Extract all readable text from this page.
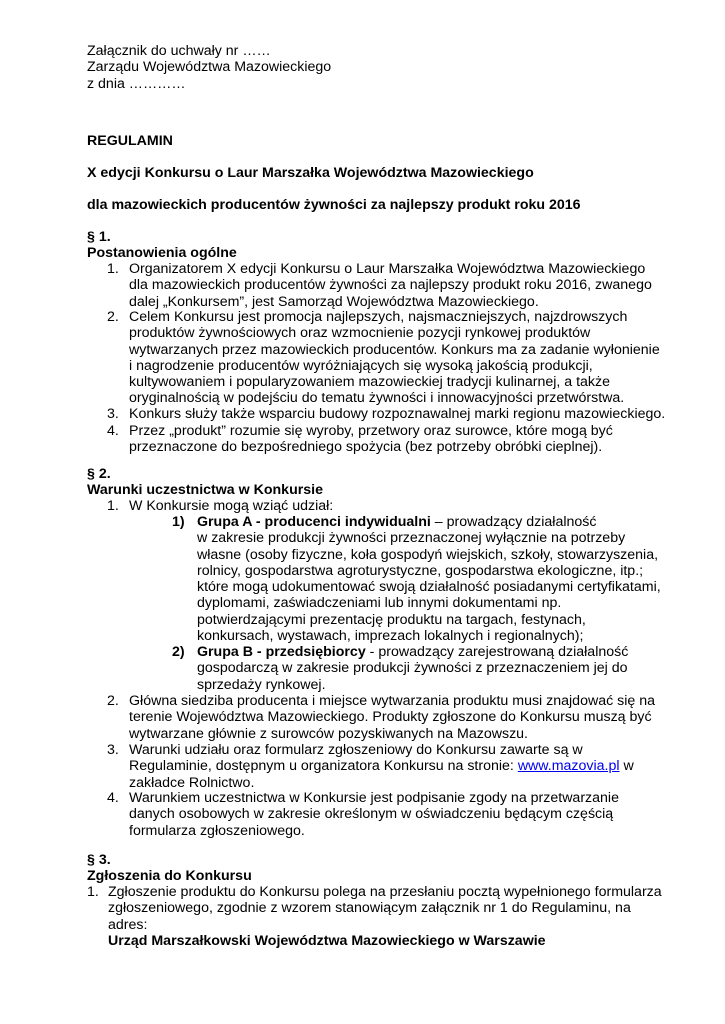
Załącznik do uchwały nr ……
Zarządu Województwa Mazowieckiego
z dnia …………
REGULAMIN
X edycji Konkursu o Laur Marszałka Województwa Mazowieckiego
dla mazowieckich producentów żywności za najlepszy produkt roku 2016
§ 1.
Postanowienia ogólne
1. Organizatorem X edycji Konkursu o Laur Marszałka Województwa Mazowieckiego
dla mazowieckich producentów żywności za najlepszy produkt roku 2016, zwanego
dalej „Konkursem”, jest Samorząd Województwa Mazowieckiego.
2. Celem Konkursu jest promocja najlepszych, najsmaczniejszych, najzdrowszych
produktów żywnościowych oraz wzmocnienie pozycji rynkowej produktów
wytwarzanych przez mazowieckich producentów. Konkurs ma za zadanie wyłonienie
i nagrodzenie producentów wyróżniających się wysoką jakością produkcji,
kultywowaniem i popularyzowaniem mazowieckiej tradycji kulinarnej, a także
oryginalnością w podejściu do tematu żywności i innowacyjności przetwórstwa.
3. Konkurs służy także wsparciu budowy rozpoznawalnej marki regionu mazowieckiego.
4. Przez „produkt” rozumie się wyroby, przetwory oraz surowce, które mogą być
przeznaczone do bezpośredniego spożycia (bez potrzeby obróbki cieplnej).
§ 2.
Warunki uczestnictwa w Konkursie
1. W Konkursie mogą wziąć udział:
1) Grupa A - producenci indywidualni – prowadzący działalność
w zakresie produkcji żywności przeznaczonej wyłącznie na potrzeby
własne (osoby fizyczne, koła gospodyń wiejskich, szkoły, stowarzyszenia,
rolnicy, gospodarstwa agroturystyczne, gospodarstwa ekologiczne, itp.;
które mogą udokumentować swoją działalność posiadanymi certyfikatami,
dyplomami, zaświadczeniami lub innymi dokumentami np.
potwierdzającymi prezentację produktu na targach, festynach,
konkursach, wystawach, imprezach lokalnych i regionalnych);
2) Grupa B - przedsiębiorcy - prowadzący zarejestrowaną działalność
gospodarczą w zakresie produkcji żywności z przeznaczeniem jej do
sprzedaży rynkowej.
2. Główna siedziba producenta i miejsce wytwarzania produktu musi znajdować się na
terenie Województwa Mazowieckiego. Produkty zgłoszone do Konkursu muszą być
wytwarzane głównie z surowców pozyskiwanych na Mazowszu.
3. Warunki udziału oraz formularz zgłoszeniowy do Konkursu zawarte są w
Regulaminie, dostępnym u organizatora Konkursu na stronie: www.mazovia.pl w
zakładce Rolnictwo.
4. Warunkiem uczestnictwa w Konkursie jest podpisanie zgody na przetwarzanie
danych osobowych w zakresie określonym w oświadczeniu będącym częścią
formularza zgłoszeniowego.
§ 3.
Zgłoszenia do Konkursu
1. Zgłoszenie produktu do Konkursu polega na przesłaniu pocztą wypełnionego formularza
zgłoszeniowego, zgodnie z wzorem stanowiącym załącznik nr 1 do Regulaminu, na
adres:
Urząd Marszałkowski Województwa Mazowieckiego w Warszawie
